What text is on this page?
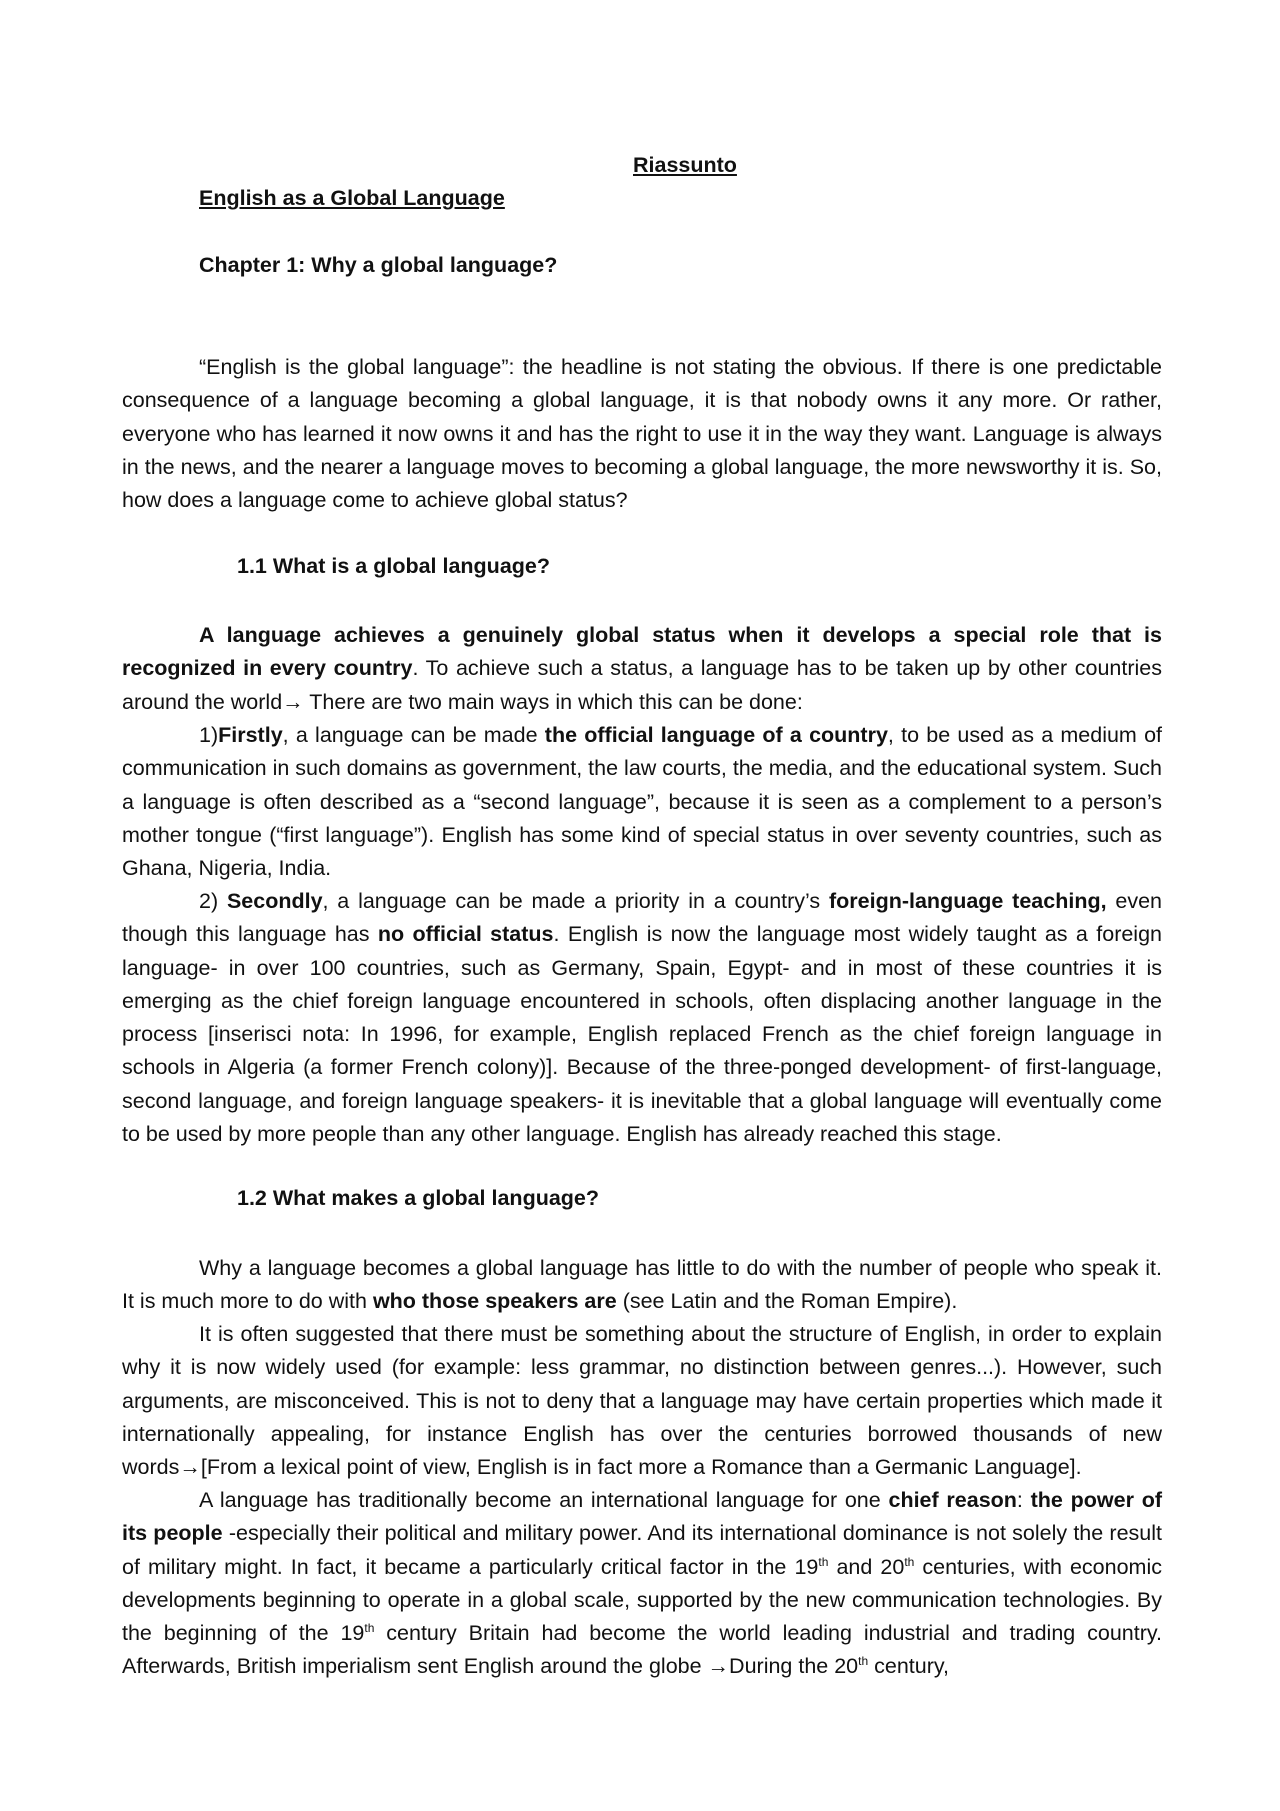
Riassunto
English as a Global Language
Chapter 1: Why a global language?

“English is the global language”: the headline is not stating the obvious. If there is one predictable consequence of a language becoming a global language, it is that nobody owns it any more. Or rather, everyone who has learned it now owns it and has the right to use it in the way they want. Language is always in the news, and the nearer a language moves to becoming a global language, the more newsworthy it is. So, how does a language come to achieve global status?

1.1 What is a global language?

A language achieves a genuinely global status when it develops a special role that is recognized in every country. To achieve such a status, a language has to be taken up by other countries around the world→ There are two main ways in which this can be done:

1)Firstly, a language can be made the official language of a country, to be used as a medium of communication in such domains as government, the law courts, the media, and the educational system. Such a language is often described as a “second language”, because it is seen as a complement to a person’s mother tongue (“first language”). English has some kind of special status in over seventy countries, such as Ghana, Nigeria, India.

2) Secondly, a language can be made a priority in a country’s foreign-language teaching, even though this language has no official status. English is now the language most widely taught as a foreign language- in over 100 countries, such as Germany, Spain, Egypt- and in most of these countries it is emerging as the chief foreign language encountered in schools, often displacing another language in the process [inserisci nota: In 1996, for example, English replaced French as the chief foreign language in schools in Algeria (a former French colony)]. Because of the three-ponged development- of first-language, second language, and foreign language speakers- it is inevitable that a global language will eventually come to be used by more people than any other language. English has already reached this stage.

1.2 What makes a global language?

Why a language becomes a global language has little to do with the number of people who speak it. It is much more to do with who those speakers are (see Latin and the Roman Empire).

It is often suggested that there must be something about the structure of English, in order to explain why it is now widely used (for example: less grammar, no distinction between genres...). However, such arguments, are misconceived. This is not to deny that a language may have certain properties which made it internationally appealing, for instance English has over the centuries borrowed thousands of new words→[From a lexical point of view, English is in fact more a Romance than a Germanic Language].

A language has traditionally become an international language for one chief reason: the power of its people -especially their political and military power. And its international dominance is not solely the result of military might. In fact, it became a particularly critical factor in the 19th and 20th centuries, with economic developments beginning to operate in a global scale, supported by the new communication technologies. By the beginning of the 19th century Britain had become the world leading industrial and trading country. Afterwards, British imperialism sent English around the globe →During the 20th century,
